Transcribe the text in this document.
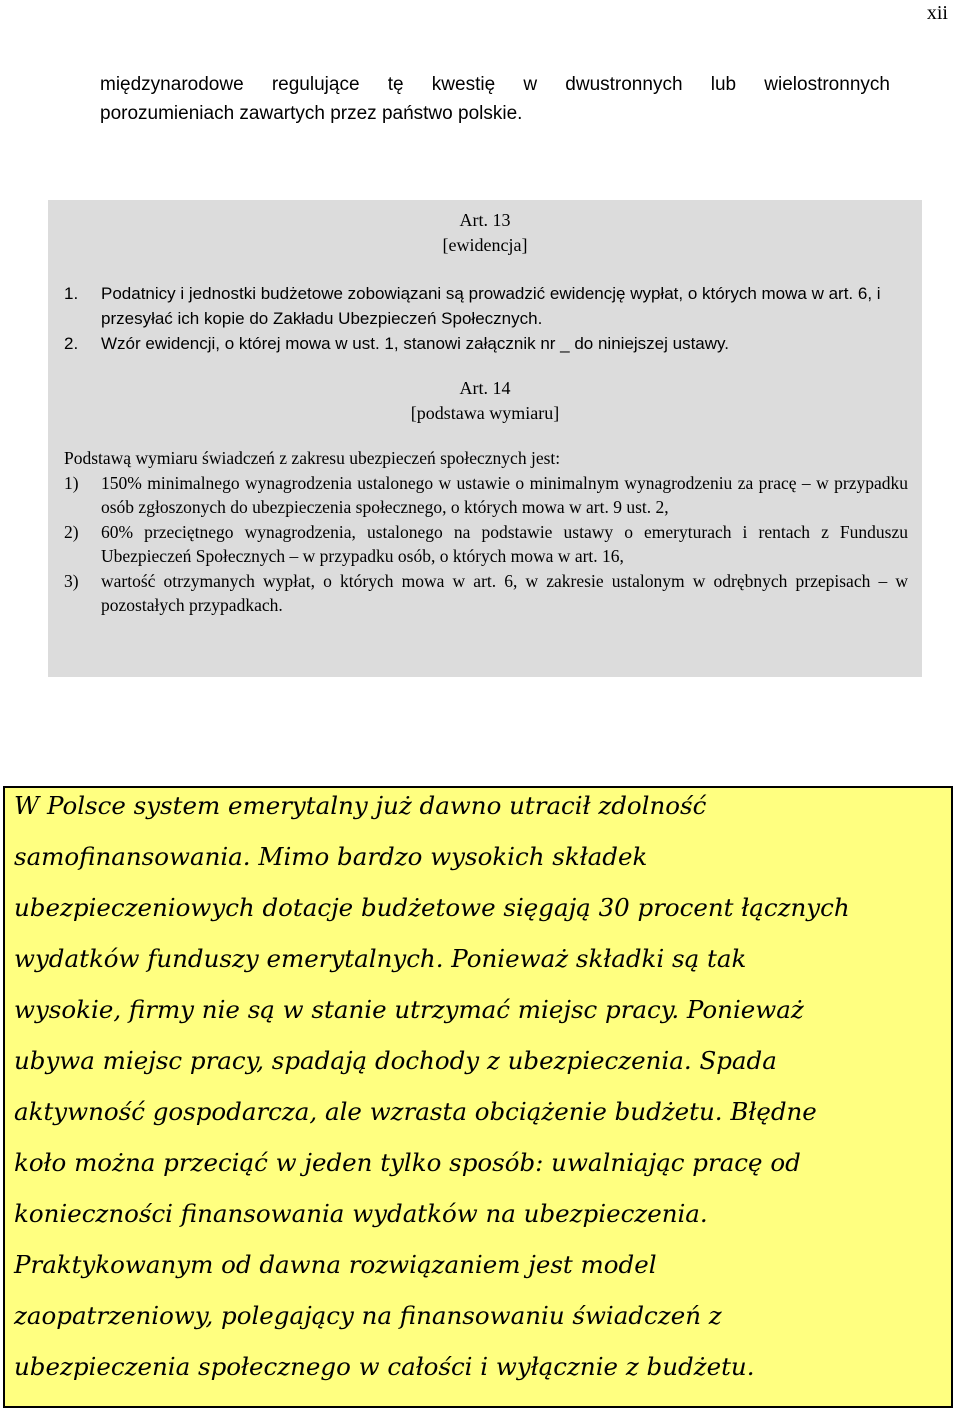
xii
międzynarodowe regulujące tę kwestię w dwustronnych lub wielostronnych
porozumieniach zawartych przez państwo polskie.
Art. 13
[ewidencja]
1.	Podatnicy i jednostki budżetowe zobowiązani są prowadzić ewidencję wypłat, o których mowa w art. 6, i przesyłać ich kopie do Zakładu Ubezpieczeń Społecznych.
2.	Wzór ewidencji, o której mowa w ust. 1, stanowi załącznik nr _ do niniejszej ustawy.
Art. 14
[podstawa wymiaru]
Podstawą wymiaru świadczeń z zakresu ubezpieczeń społecznych jest:
1)	150% minimalnego wynagrodzenia ustalonego w ustawie o minimalnym wynagrodzeniu za pracę – w przypadku osób zgłoszonych do ubezpieczenia społecznego, o których mowa w art. 9 ust. 2,
2)	60% przeciętnego wynagrodzenia, ustalonego na podstawie ustawy o emeryturach i rentach z Funduszu Ubezpieczeń Społecznych – w przypadku osób, o których mowa w art. 16,
3)	wartość otrzymanych wypłat, o których mowa w art. 6, w zakresie ustalonym w odrębnych przepisach – w pozostałych przypadkach.
W Polsce system emerytalny już dawno utracił zdolność
samofinansowania. Mimo bardzo wysokich składek
ubezpieczeniowych dotacje budżetowe sięgają 30 procent łącznych
wydatków funduszy emerytalnych. Ponieważ składki są tak
wysokie, firmy nie są w stanie utrzymać miejsc pracy. Ponieważ
ubywa miejsc pracy, spadają dochody z ubezpieczenia. Spada
aktywność gospodarcza, ale wzrasta obciążenie budżetu. Błędne
koło można przeciąć w jeden tylko sposób: uwalniając pracę od
konieczności finansowania wydatków na ubezpieczenia.
Praktykowanym od dawna rozwiązaniem jest model
zaopatrzeniowy, polegający na finansowaniu świadczeń z
ubezpieczenia społecznego w całości i wyłącznie z budżetu.
